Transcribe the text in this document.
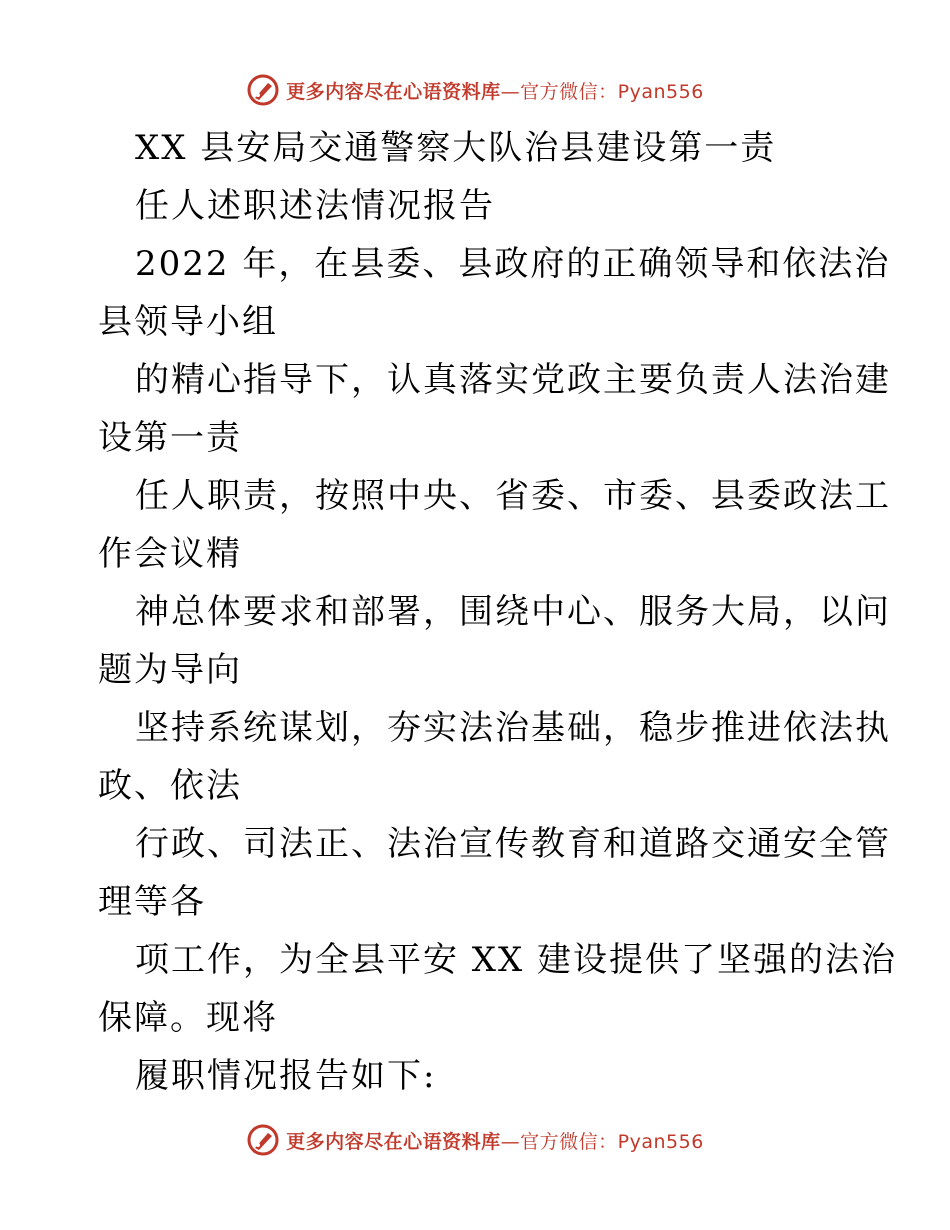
更多内容尽在心语资料库—官方微信：Pyan556
XX 县安局交通警察大队治县建设第一责
任人述职述法情况报告
2022 年，在县委、县政府的正确领导和依法治
县领导小组
的精心指导下，认真落实党政主要负责人法治建
设第一责
任人职责，按照中央、省委、市委、县委政法工
作会议精
神总体要求和部署，围绕中心、服务大局，以问
题为导向
坚持系统谋划，夯实法治基础，稳步推进依法执
政、依法
行政、司法正、法治宣传教育和道路交通安全管
理等各
项工作，为全县平安 XX 建设提供了坚强的法治
保障。现将
履职情况报告如下:
更多内容尽在心语资料库—官方微信：Pyan556
